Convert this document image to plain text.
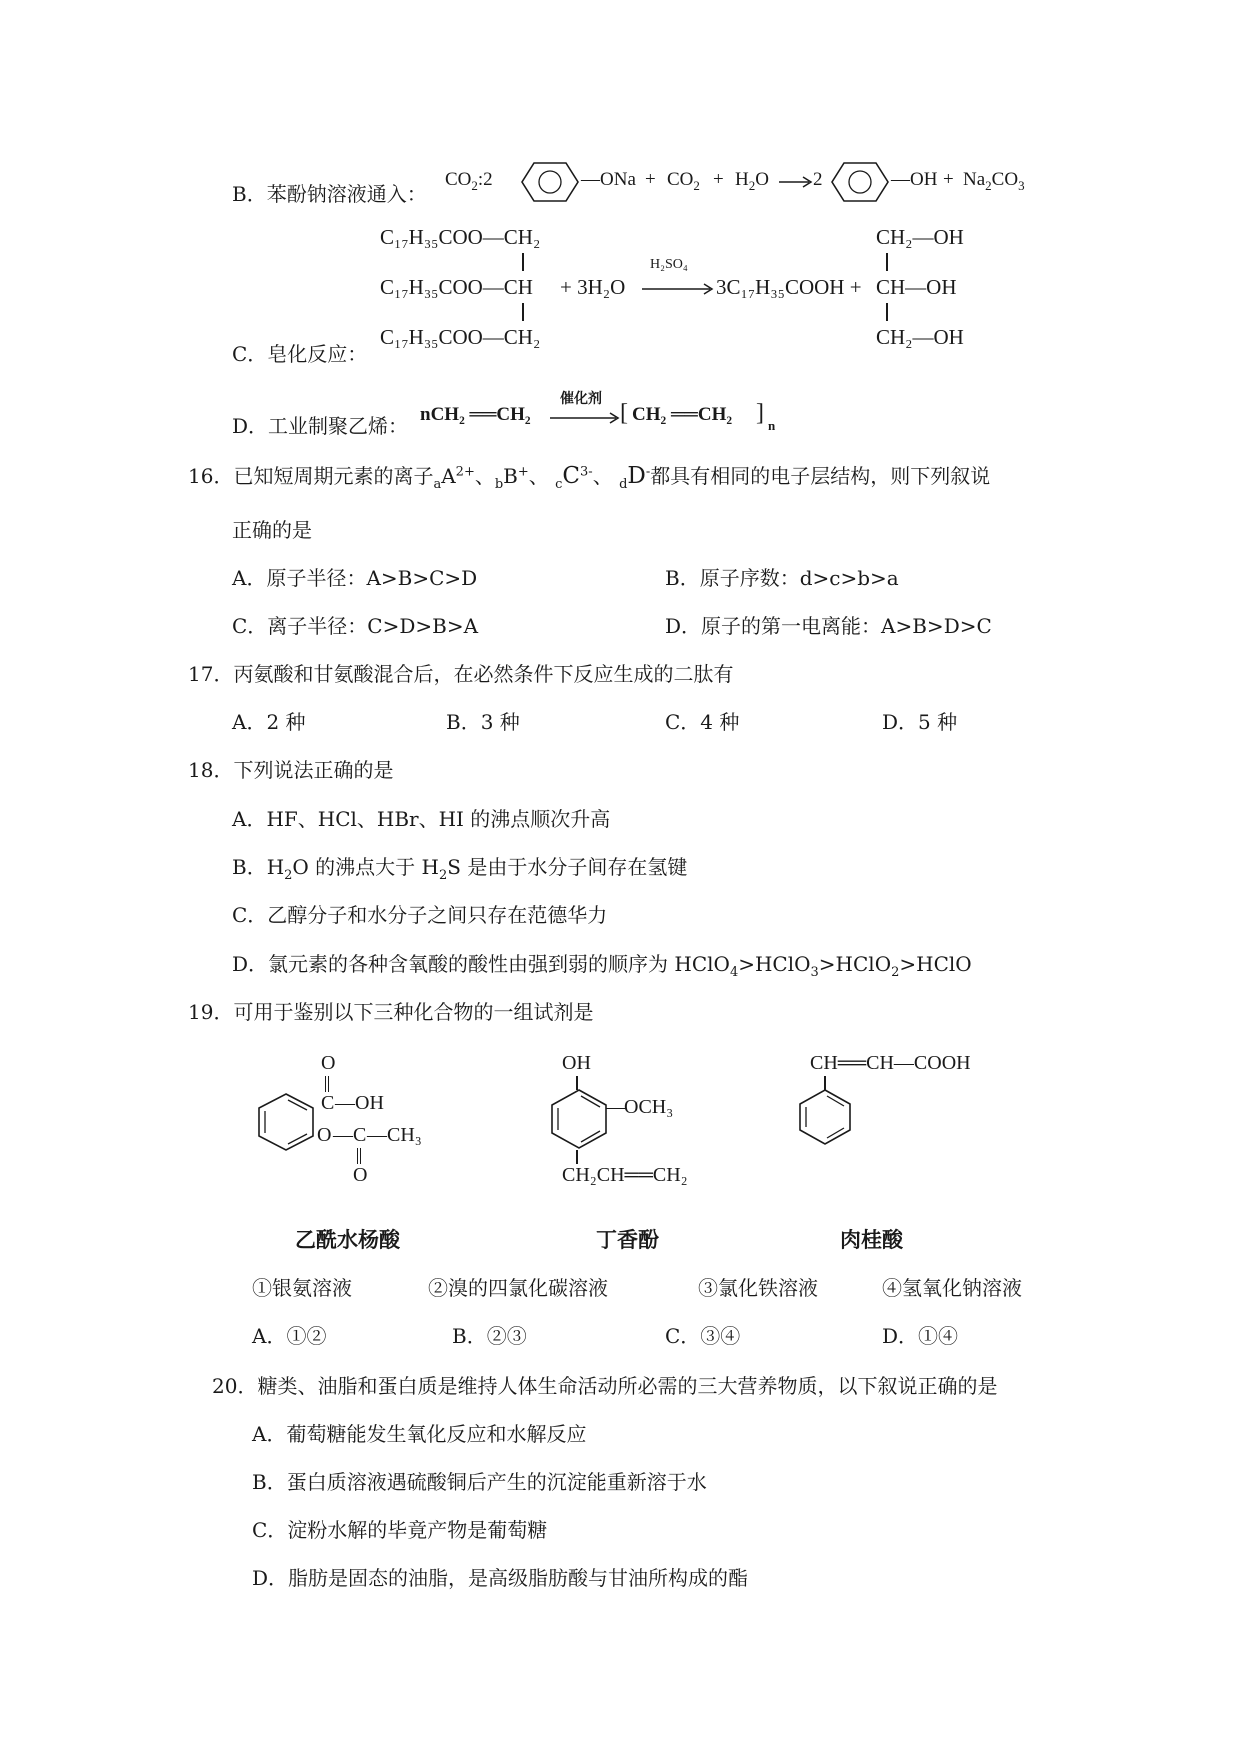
B．苯酚钠溶液通入：
$CO_2:2$	—ONa + $CO_2 + H_2O \to 2$	—OH + $Na_2CO_3$
C．皂化反应：
C₁₇H₃₅COO—CH₂
C₁₇H₃₅COO—CH
C₁₇H₃₅COO—CH₂
+ 3H₂O
H₂SO₄
→ 3C₁₇H₃₅COOH +
CH₂—OH
CH—OH
CH₂—OH
D．工业制聚乙烯： nCH₂ ══CH₂
催化剂
→ [ CH₂ ══CH₂ ] n
16．已知短周期元素的离子$_aA^{2+}$、$_b$B+、 $_cC^{3-}$、 $_d$D-都具有相同的电子层结构，则下列叙说
正确的是
A．原子半径：A>B>C>D	B．原子序数：d>c>b>a
C．离子半径：C>D>B>A	D．原子的第一电离能：A>B>D>C
17．丙氨酸和甘氨酸混合后，在必然条件下反应生成的二肽有
A．2 种	B．3 种	C．4 种	D．5 种
18．下列说法正确的是
A．HF、HCl、HBr、HI 的沸点顺次升高
B．$H_2O$ 的沸点大于 $H_2S$ 是由于水分子间存在氢键
C．乙醇分子和水分子之间只存在范德华力
D．氯元素的各种含氧酸的酸性由强到弱的顺序为 HClO$_4$>HClO$_3$>HClO$_2$>HClO
19．可用于鉴别以下三种化合物的一组试剂是
O
C —OH
O — C —CH₃
O
OH
—
OCH₃
CH₂CH══CH₂
CH══CH—COOH
乙酰水杨酸	丁香酚	肉桂酸
①银氨溶液	②溴的四氯化碳溶液	③氯化铁溶液	④氢氧化钠溶液
A．①②	B．②③	C．③④	D．①④
20．糖类、油脂和蛋白质是维持人体生命活动所必需的三大营养物质，以下叙说正确的是
A．葡萄糖能发生氧化反应和水解反应
B．蛋白质溶液遇硫酸铜后产生的沉淀能重新溶于水
C．淀粉水解的毕竟产物是葡萄糖
D．脂肪是固态的油脂，是高级脂肪酸与甘油所构成的酯
